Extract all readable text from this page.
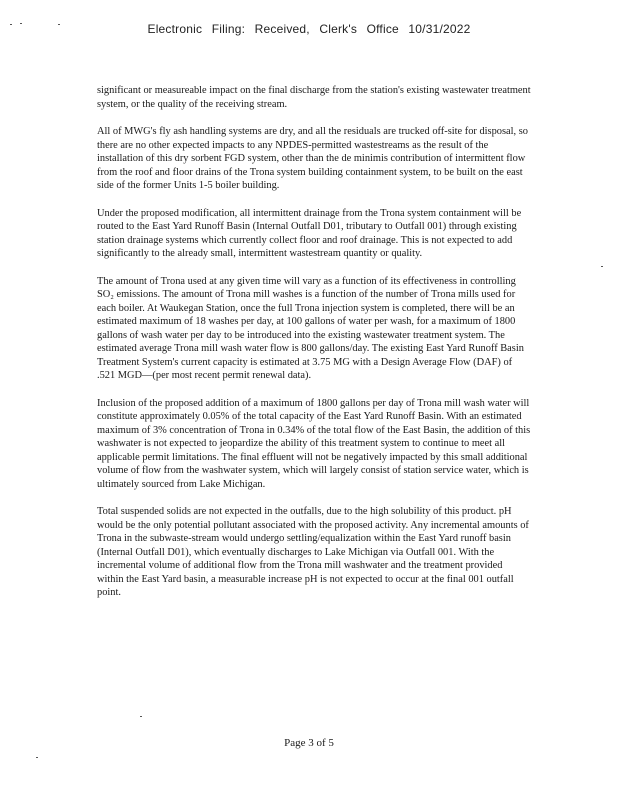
Electronic Filing: Received, Clerk's Office 10/31/2022

significant or measureable impact on the final discharge from the station's existing wastewater treatment system, or the quality of the receiving stream.

All of MWG's fly ash handling systems are dry, and all the residuals are trucked off-site for disposal, so there are no other expected impacts to any NPDES-permitted wastestreams as the result of the installation of this dry sorbent FGD system, other than the de minimis contribution of intermittent flow from the roof and floor drains of the Trona system building containment system, to be built on the east side of the former Units 1-5 boiler building.

Under the proposed modification, all intermittent drainage from the Trona system containment will be routed to the East Yard Runoff Basin (Internal Outfall D01, tributary to Outfall 001) through existing station drainage systems which currently collect floor and roof drainage. This is not expected to add significantly to the already small, intermittent wastestream quantity or quality.

The amount of Trona used at any given time will vary as a function of its effectiveness in controlling SO₂ emissions. The amount of Trona mill washes is a function of the number of Trona mills used for each boiler. At Waukegan Station, once the full Trona injection system is completed, there will be an estimated maximum of 18 washes per day, at 100 gallons of water per wash, for a maximum of 1800 gallons of wash water per day to be introduced into the existing wastewater treatment system. The estimated average Trona mill wash water flow is 800 gallons/day. The existing East Yard Runoff Basin Treatment System's current capacity is estimated at 3.75 MG with a Design Average Flow (DAF) of .521 MGD—(per most recent permit renewal data).

Inclusion of the proposed addition of a maximum of 1800 gallons per day of Trona mill wash water will constitute approximately 0.05% of the total capacity of the East Yard Runoff Basin. With an estimated maximum of 3% concentration of Trona in 0.34% of the total flow of the East Basin, the addition of this washwater is not expected to jeopardize the ability of this treatment system to continue to meet all applicable permit limitations. The final effluent will not be negatively impacted by this small additional volume of flow from the washwater system, which will largely consist of station service water, which is ultimately sourced from Lake Michigan.

Total suspended solids are not expected in the outfalls, due to the high solubility of this product. pH would be the only potential pollutant associated with the proposed activity. Any incremental amounts of Trona in the subwaste-stream would undergo settling/equalization within the East Yard runoff basin (Internal Outfall D01), which eventually discharges to Lake Michigan via Outfall 001. With the incremental volume of additional flow from the Trona mill washwater and the treatment provided within the East Yard basin, a measurable increase pH is not expected to occur at the final 001 outfall point.

Page 3 of 5
